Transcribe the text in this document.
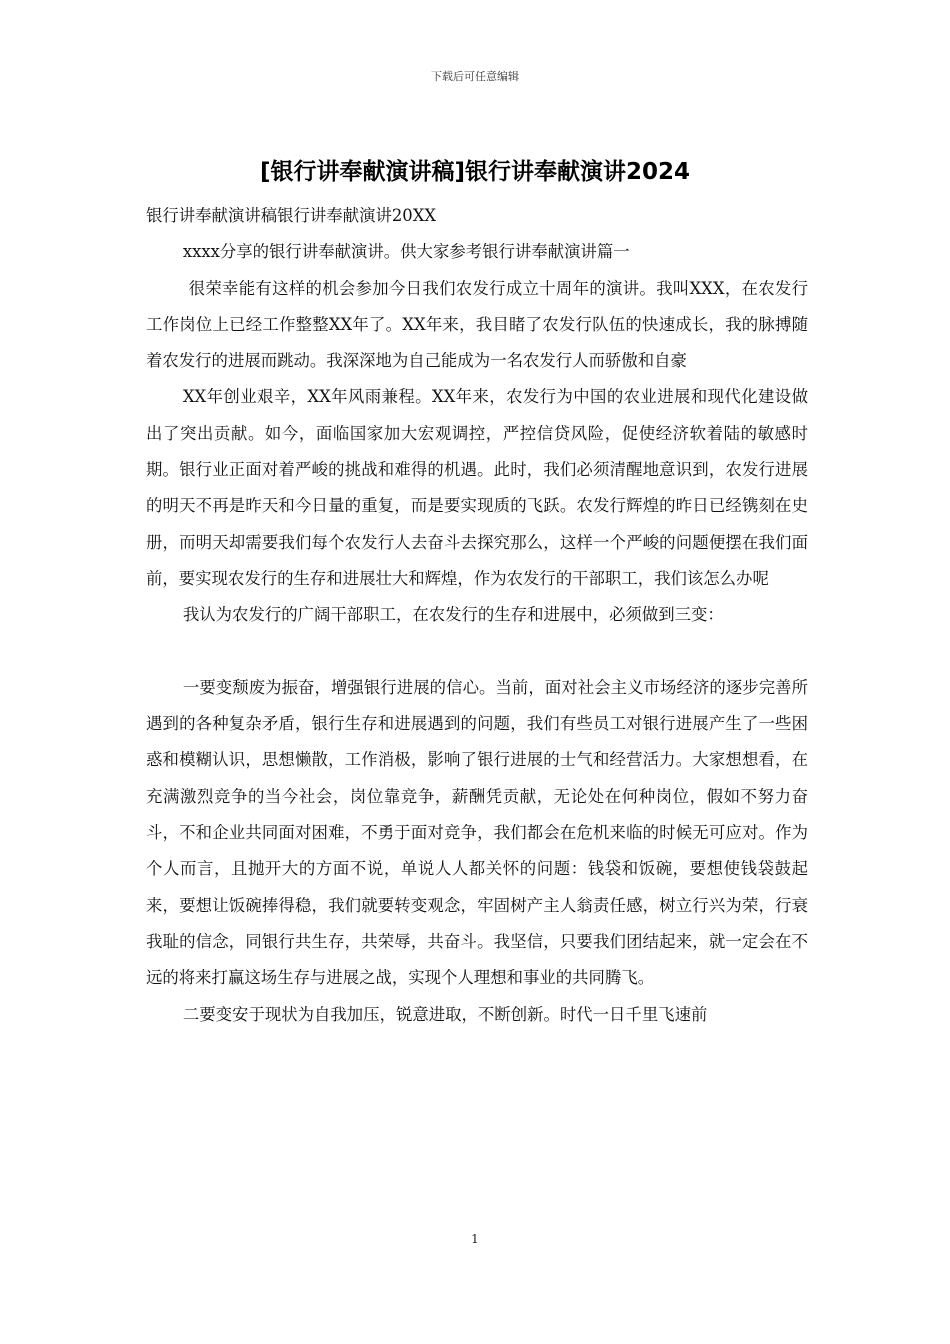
下载后可任意编辑
[银行讲奉献演讲稿]银行讲奉献演讲2024

银行讲奉献演讲稿银行讲奉献演讲20XX

xxxx分享的银行讲奉献演讲。供大家参考银行讲奉献演讲篇一

很荣幸能有这样的机会参加今日我们农发行成立十周年的演讲。我叫XXX，在农发行工作岗位上已经工作整整XX年了。XX年来，我目睹了农发行队伍的快速成长，我的脉搏随着农发行的进展而跳动。我深深地为自己能成为一名农发行人而骄傲和自豪

XX年创业艰辛，XX年风雨兼程。XX年来，农发行为中国的农业进展和现代化建设做出了突出贡献。如今，面临国家加大宏观调控，严控信贷风险，促使经济软着陆的敏感时期。银行业正面对着严峻的挑战和难得的机遇。此时，我们必须清醒地意识到，农发行进展的明天不再是昨天和今日量的重复，而是要实现质的飞跃。农发行辉煌的昨日已经镌刻在史册，而明天却需要我们每个农发行人去奋斗去探究那么，这样一个严峻的问题便摆在我们面前，要实现农发行的生存和进展壮大和辉煌，作为农发行的干部职工，我们该怎么办呢

我认为农发行的广阔干部职工，在农发行的生存和进展中，必须做到三变：

一要变颓废为振奋，增强银行进展的信心。当前，面对社会主义市场经济的逐步完善所遇到的各种复杂矛盾，银行生存和进展遇到的问题，我们有些员工对银行进展产生了一些困惑和模糊认识，思想懒散，工作消极，影响了银行进展的士气和经营活力。大家想想看，在充满激烈竞争的当今社会，岗位靠竞争，薪酬凭贡献，无论处在何种岗位，假如不努力奋斗，不和企业共同面对困难，不勇于面对竞争，我们都会在危机来临的时候无可应对。作为个人而言，且抛开大的方面不说，单说人人都关怀的问题：钱袋和饭碗，要想使钱袋鼓起来，要想让饭碗捧得稳，我们就要转变观念，牢固树产主人翁责任感，树立行兴为荣，行衰我耻的信念，同银行共生存，共荣辱，共奋斗。我坚信，只要我们团结起来，就一定会在不远的将来打赢这场生存与进展之战，实现个人理想和事业的共同腾飞。

二要变安于现状为自我加压，锐意进取，不断创新。时代一日千里飞速前

1
